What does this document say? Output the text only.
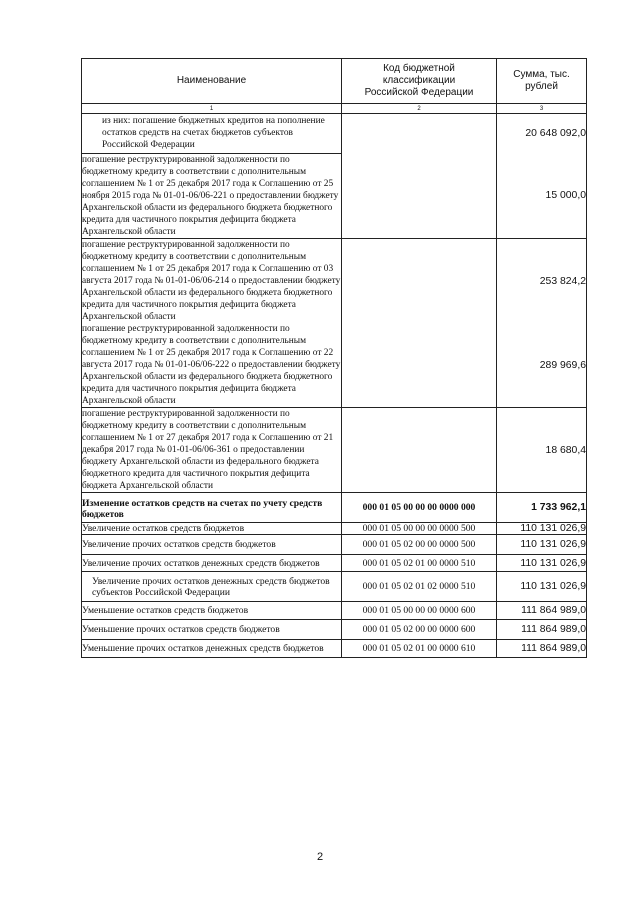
Наименование	Код бюджетной классификации Российской Федерации	Сумма, тыс. рублей
1	2	3
из них: погашение бюджетных кредитов на пополнение остатков средств на счетах бюджетов субъектов Российской Федерации		20 648 092,0
погашение реструктурированной задолженности по бюджетному кредиту в соответствии с дополнительным соглашением № 1 от 25 декабря 2017 года к Соглашению от 25 ноября 2015 года № 01-01-06/06-221 о предоставлении бюджету Архангельской области из федерального бюджета бюджетного кредита для частичного покрытия дефицита бюджета Архангельской области		15 000,0
погашение реструктурированной задолженности по бюджетному кредиту в соответствии с дополнительным соглашением № 1 от 25 декабря 2017 года к Соглашению от 03 августа 2017 года № 01-01-06/06-214 о предоставлении бюджету Архангельской области из федерального бюджета бюджетного кредита для частичного покрытия дефицита бюджета Архангельской области		253 824,2
погашение реструктурированной задолженности по бюджетному кредиту в соответствии с дополнительным соглашением № 1 от 25 декабря 2017 года к Соглашению от 22 августа 2017 года № 01-01-06/06-222 о предоставлении бюджету Архангельской области из федерального бюджета бюджетного кредита для частичного покрытия дефицита бюджета Архангельской области		289 969,6
погашение реструктурированной задолженности по бюджетному кредиту в соответствии с дополнительным соглашением № 1 от 27 декабря 2017 года к Соглашению от 21 декабря 2017 года № 01-01-06/06-361 о предоставлении бюджету Архангельской области из федерального бюджета бюджетного кредита для частичного покрытия дефицита бюджета Архангельской области		18 680,4
Изменение остатков средств на счетах по учету средств бюджетов	000 01 05 00 00 00 0000 000	1 733 962,1
Увеличение остатков средств бюджетов	000 01 05 00 00 00 0000 500	110 131 026,9
Увеличение прочих остатков средств бюджетов	000 01 05 02 00 00 0000 500	110 131 026,9
Увеличение прочих остатков денежных средств бюджетов	000 01 05 02 01 00 0000 510	110 131 026,9
Увеличение прочих остатков денежных средств бюджетов субъектов Российской Федерации	000 01 05 02 01 02 0000 510	110 131 026,9
Уменьшение остатков средств бюджетов	000 01 05 00 00 00 0000 600	111 864 989,0
Уменьшение прочих остатков средств бюджетов	000 01 05 02 00 00 0000 600	111 864 989,0
Уменьшение прочих остатков денежных средств бюджетов	000 01 05 02 01 00 0000 610	111 864 989,0
2
